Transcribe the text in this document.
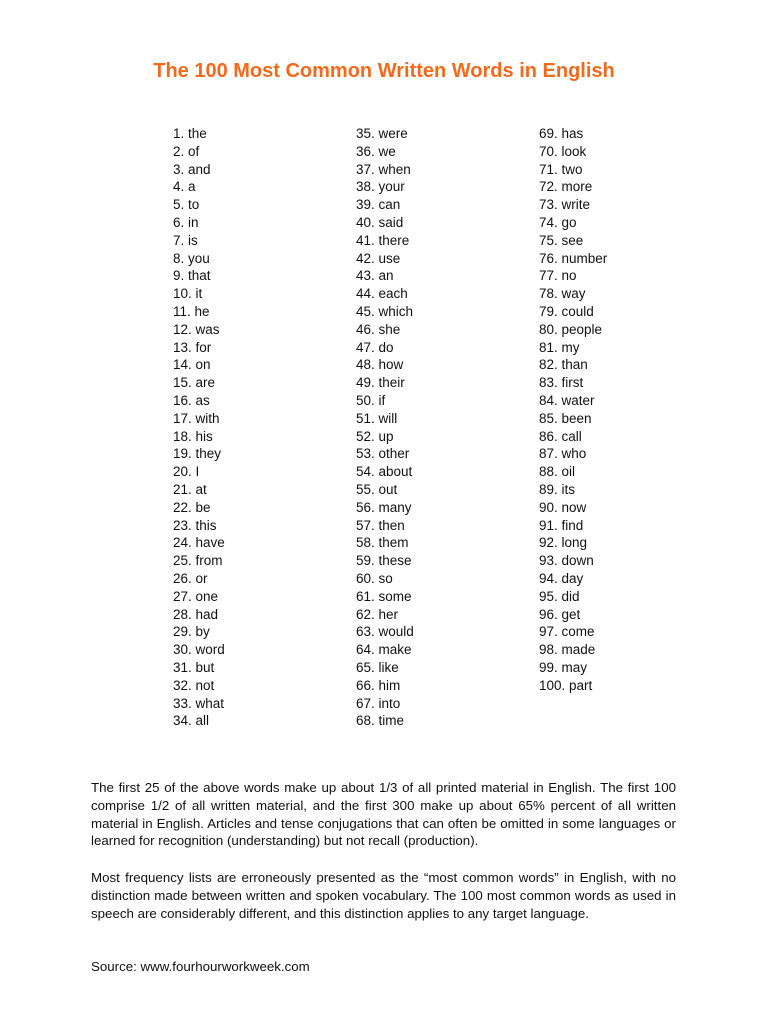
The 100 Most Common Written Words in English
1. the
2. of
3. and
4. a
5. to
6. in
7. is
8. you
9. that
10. it
11. he
12. was
13. for
14. on
15. are
16. as
17. with
18. his
19. they
20. I
21. at
22. be
23. this
24. have
25. from
26. or
27. one
28. had
29. by
30. word
31. but
32. not
33. what
34. all
35. were
36. we
37. when
38. your
39. can
40. said
41. there
42. use
43. an
44. each
45. which
46. she
47. do
48. how
49. their
50. if
51. will
52. up
53. other
54. about
55. out
56. many
57. then
58. them
59. these
60. so
61. some
62. her
63. would
64. make
65. like
66. him
67. into
68. time
69. has
70. look
71. two
72. more
73. write
74. go
75. see
76. number
77. no
78. way
79. could
80. people
81. my
82. than
83. first
84. water
85. been
86. call
87. who
88. oil
89. its
90. now
91. find
92. long
93. down
94. day
95. did
96. get
97. come
98. made
99. may
100. part

The first 25 of the above words make up about 1/3 of all printed material in English. The first 100 comprise 1/2 of all written material, and the first 300 make up about 65% percent of all written material in English. Articles and tense conjugations that can often be omitted in some languages or learned for recognition (understanding) but not recall (production).

Most frequency lists are erroneously presented as the “most common words” in English, with no distinction made between written and spoken vocabulary. The 100 most common words as used in speech are considerably different, and this distinction applies to any target language.

Source: www.fourhourworkweek.com
